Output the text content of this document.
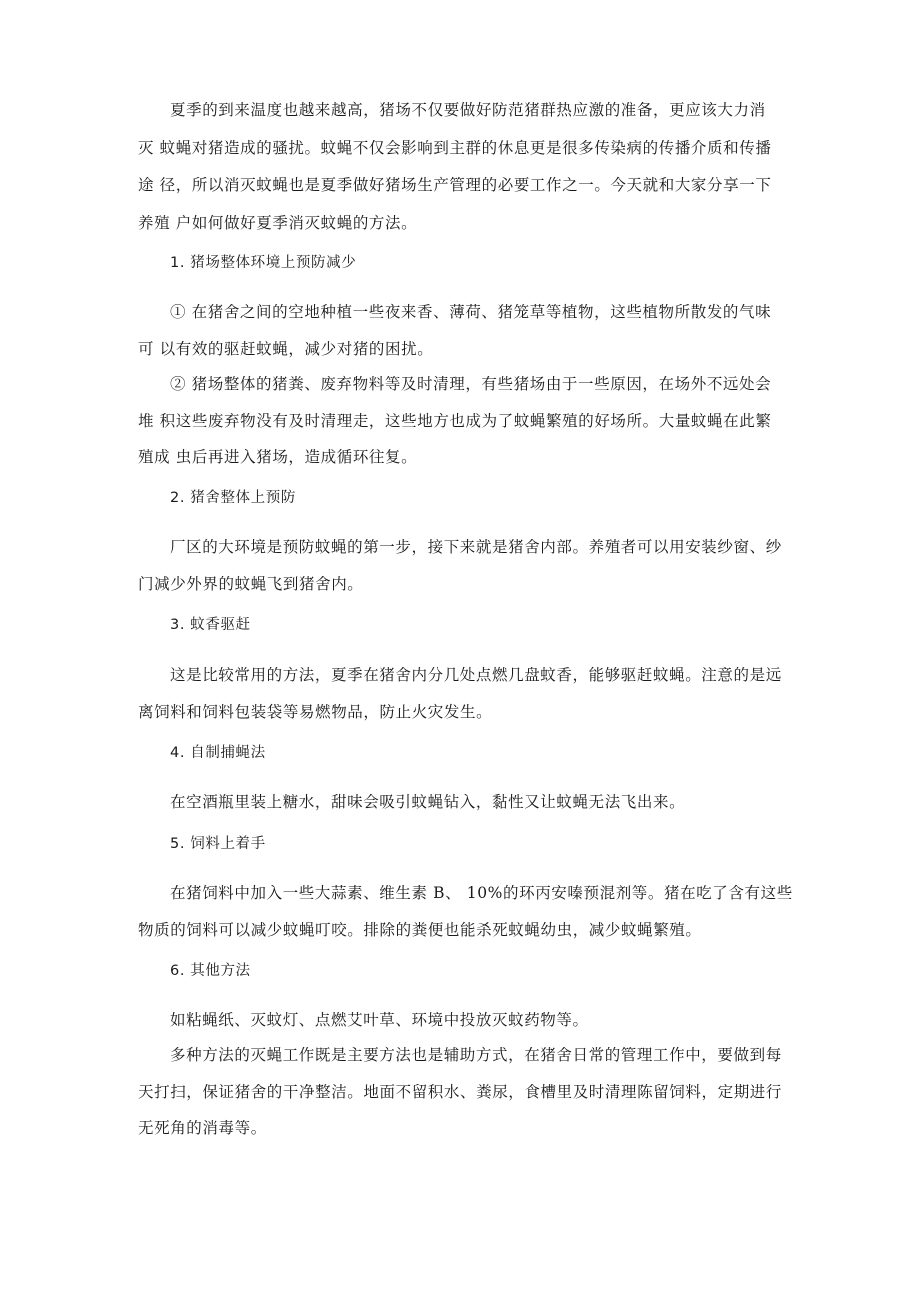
夏季的到来温度也越来越高，猪场不仅要做好防范猪群热应激的准备，更应该大力消
灭 蚊蝇对猪造成的骚扰。蚊蝇不仅会影响到主群的休息更是很多传染病的传播介质和传播
途 径，所以消灭蚊蝇也是夏季做好猪场生产管理的必要工作之一。今天就和大家分享一下
养殖 户如何做好夏季消灭蚊蝇的方法。
1. 猪场整体环境上预防减少
① 在猪舍之间的空地种植一些夜来香、薄荷、猪笼草等植物，这些植物所散发的气味
可 以有效的驱赶蚊蝇，减少对猪的困扰。
② 猪场整体的猪粪、废弃物料等及时清理，有些猪场由于一些原因，在场外不远处会
堆 积这些废弃物没有及时清理走，这些地方也成为了蚊蝇繁殖的好场所。大量蚊蝇在此繁
殖成 虫后再进入猪场，造成循环往复。
2. 猪舍整体上预防
厂区的大环境是预防蚊蝇的第一步，接下来就是猪舍内部。养殖者可以用安装纱窗、纱
门减少外界的蚊蝇飞到猪舍内。
3. 蚊香驱赶
这是比较常用的方法，夏季在猪舍内分几处点燃几盘蚊香，能够驱赶蚊蝇。注意的是远
离饲料和饲料包装袋等易燃物品，防止火灾发生。
4. 自制捕蝇法
在空酒瓶里装上糖水，甜味会吸引蚊蝇钻入，黏性又让蚊蝇无法飞出来。
5. 饲料上着手
在猪饲料中加入一些大蒜素、维生素 B、 10%的环丙安嗪预混剂等。猪在吃了含有这些
物质的饲料可以减少蚊蝇叮咬。排除的粪便也能杀死蚊蝇幼虫，减少蚊蝇繁殖。
6. 其他方法
如粘蝇纸、灭蚊灯、点燃艾叶草、环境中投放灭蚊药物等。
多种方法的灭蝇工作既是主要方法也是辅助方式，在猪舍日常的管理工作中，要做到每
天打扫，保证猪舍的干净整洁。地面不留积水、粪尿，食槽里及时清理陈留饲料，定期进行
无死角的消毒等。
